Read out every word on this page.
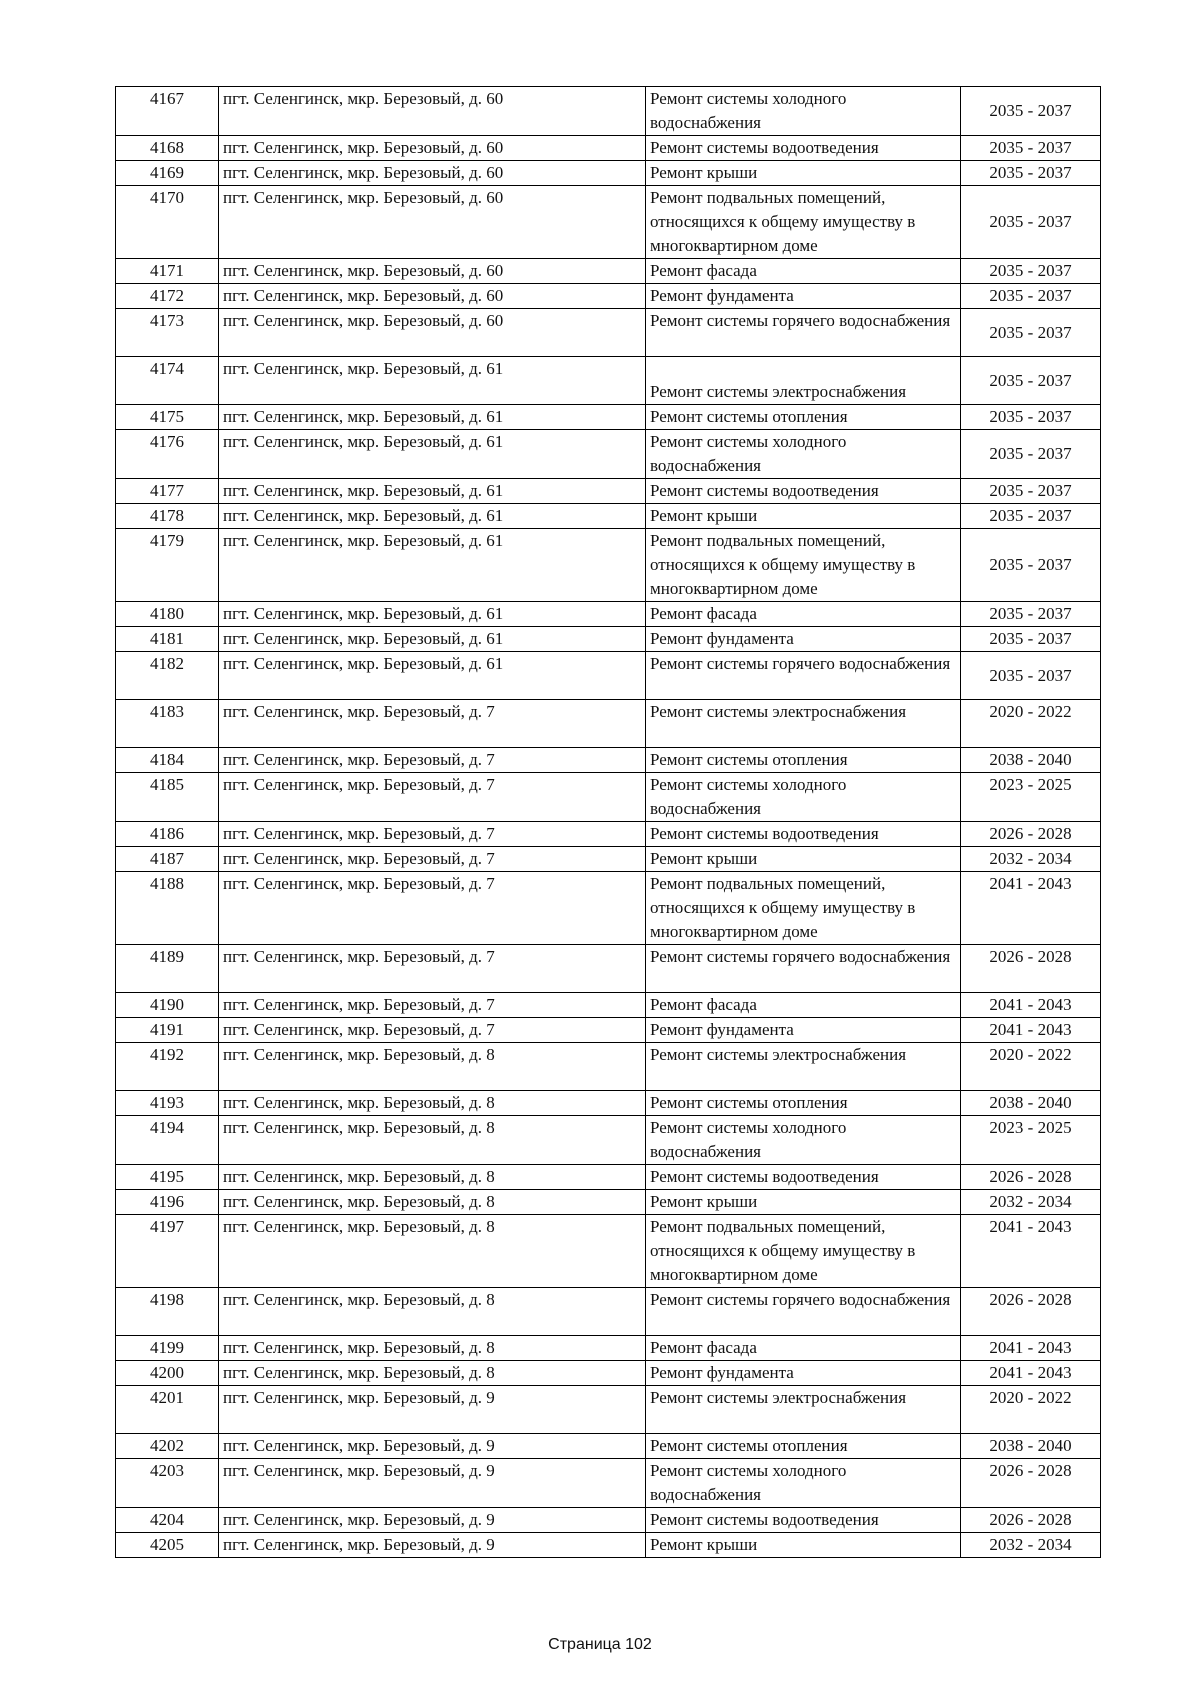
4167	пгт. Селенгинск, мкр. Березовый, д. 60	Ремонт системы холодного водоснабжения	2035 - 2037
4168	пгт. Селенгинск, мкр. Березовый, д. 60	Ремонт системы водоотведения	2035 - 2037
4169	пгт. Селенгинск, мкр. Березовый, д. 60	Ремонт крыши	2035 - 2037
4170	пгт. Селенгинск, мкр. Березовый, д. 60	Ремонт подвальных помещений, относящихся к общему имуществу в многоквартирном доме	2035 - 2037
4171	пгт. Селенгинск, мкр. Березовый, д. 60	Ремонт фасада	2035 - 2037
4172	пгт. Селенгинск, мкр. Березовый, д. 60	Ремонт фундамента	2035 - 2037
4173	пгт. Селенгинск, мкр. Березовый, д. 60	Ремонт системы горячего водоснабжения	2035 - 2037
4174	пгт. Селенгинск, мкр. Березовый, д. 61	Ремонт системы электроснабжения	2035 - 2037
4175	пгт. Селенгинск, мкр. Березовый, д. 61	Ремонт системы отопления	2035 - 2037
4176	пгт. Селенгинск, мкр. Березовый, д. 61	Ремонт системы холодного водоснабжения	2035 - 2037
4177	пгт. Селенгинск, мкр. Березовый, д. 61	Ремонт системы водоотведения	2035 - 2037
4178	пгт. Селенгинск, мкр. Березовый, д. 61	Ремонт крыши	2035 - 2037
4179	пгт. Селенгинск, мкр. Березовый, д. 61	Ремонт подвальных помещений, относящихся к общему имуществу в многоквартирном доме	2035 - 2037
4180	пгт. Селенгинск, мкр. Березовый, д. 61	Ремонт фасада	2035 - 2037
4181	пгт. Селенгинск, мкр. Березовый, д. 61	Ремонт фундамента	2035 - 2037
4182	пгт. Селенгинск, мкр. Березовый, д. 61	Ремонт системы горячего водоснабжения	2035 - 2037
4183	пгт. Селенгинск, мкр. Березовый, д. 7	Ремонт системы электроснабжения	2020 - 2022
4184	пгт. Селенгинск, мкр. Березовый, д. 7	Ремонт системы отопления	2038 - 2040
4185	пгт. Селенгинск, мкр. Березовый, д. 7	Ремонт системы холодного водоснабжения	2023 - 2025
4186	пгт. Селенгинск, мкр. Березовый, д. 7	Ремонт системы водоотведения	2026 - 2028
4187	пгт. Селенгинск, мкр. Березовый, д. 7	Ремонт крыши	2032 - 2034
4188	пгт. Селенгинск, мкр. Березовый, д. 7	Ремонт подвальных помещений, относящихся к общему имуществу в многоквартирном доме	2041 - 2043
4189	пгт. Селенгинск, мкр. Березовый, д. 7	Ремонт системы горячего водоснабжения	2026 - 2028
4190	пгт. Селенгинск, мкр. Березовый, д. 7	Ремонт фасада	2041 - 2043
4191	пгт. Селенгинск, мкр. Березовый, д. 7	Ремонт фундамента	2041 - 2043
4192	пгт. Селенгинск, мкр. Березовый, д. 8	Ремонт системы электроснабжения	2020 - 2022
4193	пгт. Селенгинск, мкр. Березовый, д. 8	Ремонт системы отопления	2038 - 2040
4194	пгт. Селенгинск, мкр. Березовый, д. 8	Ремонт системы холодного водоснабжения	2023 - 2025
4195	пгт. Селенгинск, мкр. Березовый, д. 8	Ремонт системы водоотведения	2026 - 2028
4196	пгт. Селенгинск, мкр. Березовый, д. 8	Ремонт крыши	2032 - 2034
4197	пгт. Селенгинск, мкр. Березовый, д. 8	Ремонт подвальных помещений, относящихся к общему имуществу в многоквартирном доме	2041 - 2043
4198	пгт. Селенгинск, мкр. Березовый, д. 8	Ремонт системы горячего водоснабжения	2026 - 2028
4199	пгт. Селенгинск, мкр. Березовый, д. 8	Ремонт фасада	2041 - 2043
4200	пгт. Селенгинск, мкр. Березовый, д. 8	Ремонт фундамента	2041 - 2043
4201	пгт. Селенгинск, мкр. Березовый, д. 9	Ремонт системы электроснабжения	2020 - 2022
4202	пгт. Селенгинск, мкр. Березовый, д. 9	Ремонт системы отопления	2038 - 2040
4203	пгт. Селенгинск, мкр. Березовый, д. 9	Ремонт системы холодного водоснабжения	2026 - 2028
4204	пгт. Селенгинск, мкр. Березовый, д. 9	Ремонт системы водоотведения	2026 - 2028
4205	пгт. Селенгинск, мкр. Березовый, д. 9	Ремонт крыши	2032 - 2034
Страница 102
